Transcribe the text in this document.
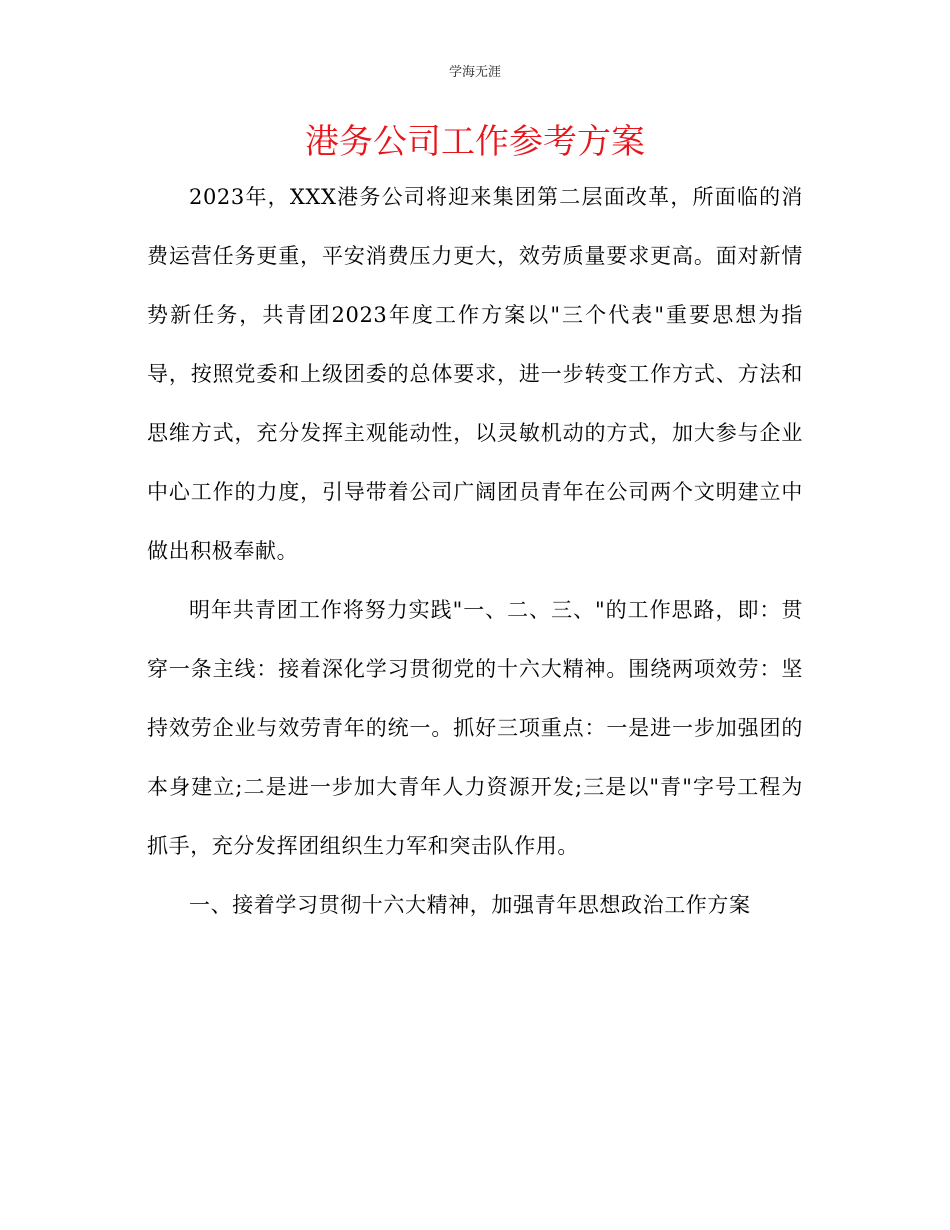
学海无涯
港务公司工作参考方案

2023年，XXX港务公司将迎来集团第二层面改革，所面临的消费运营任务更重，平安消费压力更大，效劳质量要求更高。面对新情势新任务，共青团2023年度工作方案以"三个代表"重要思想为指导，按照党委和上级团委的总体要求，进一步转变工作方式、方法和思维方式，充分发挥主观能动性，以灵敏机动的方式，加大参与企业中心工作的力度，引导带着公司广阔团员青年在公司两个文明建立中做出积极奉献。

明年共青团工作将努力实践"一、二、三、"的工作思路，即：贯穿一条主线：接着深化学习贯彻党的十六大精神。围绕两项效劳：坚持效劳企业与效劳青年的统一。抓好三项重点：一是进一步加强团的本身建立;二是进一步加大青年人力资源开发;三是以"青"字号工程为抓手，充分发挥团组织生力军和突击队作用。

一、接着学习贯彻十六大精神，加强青年思想政治工作方案
